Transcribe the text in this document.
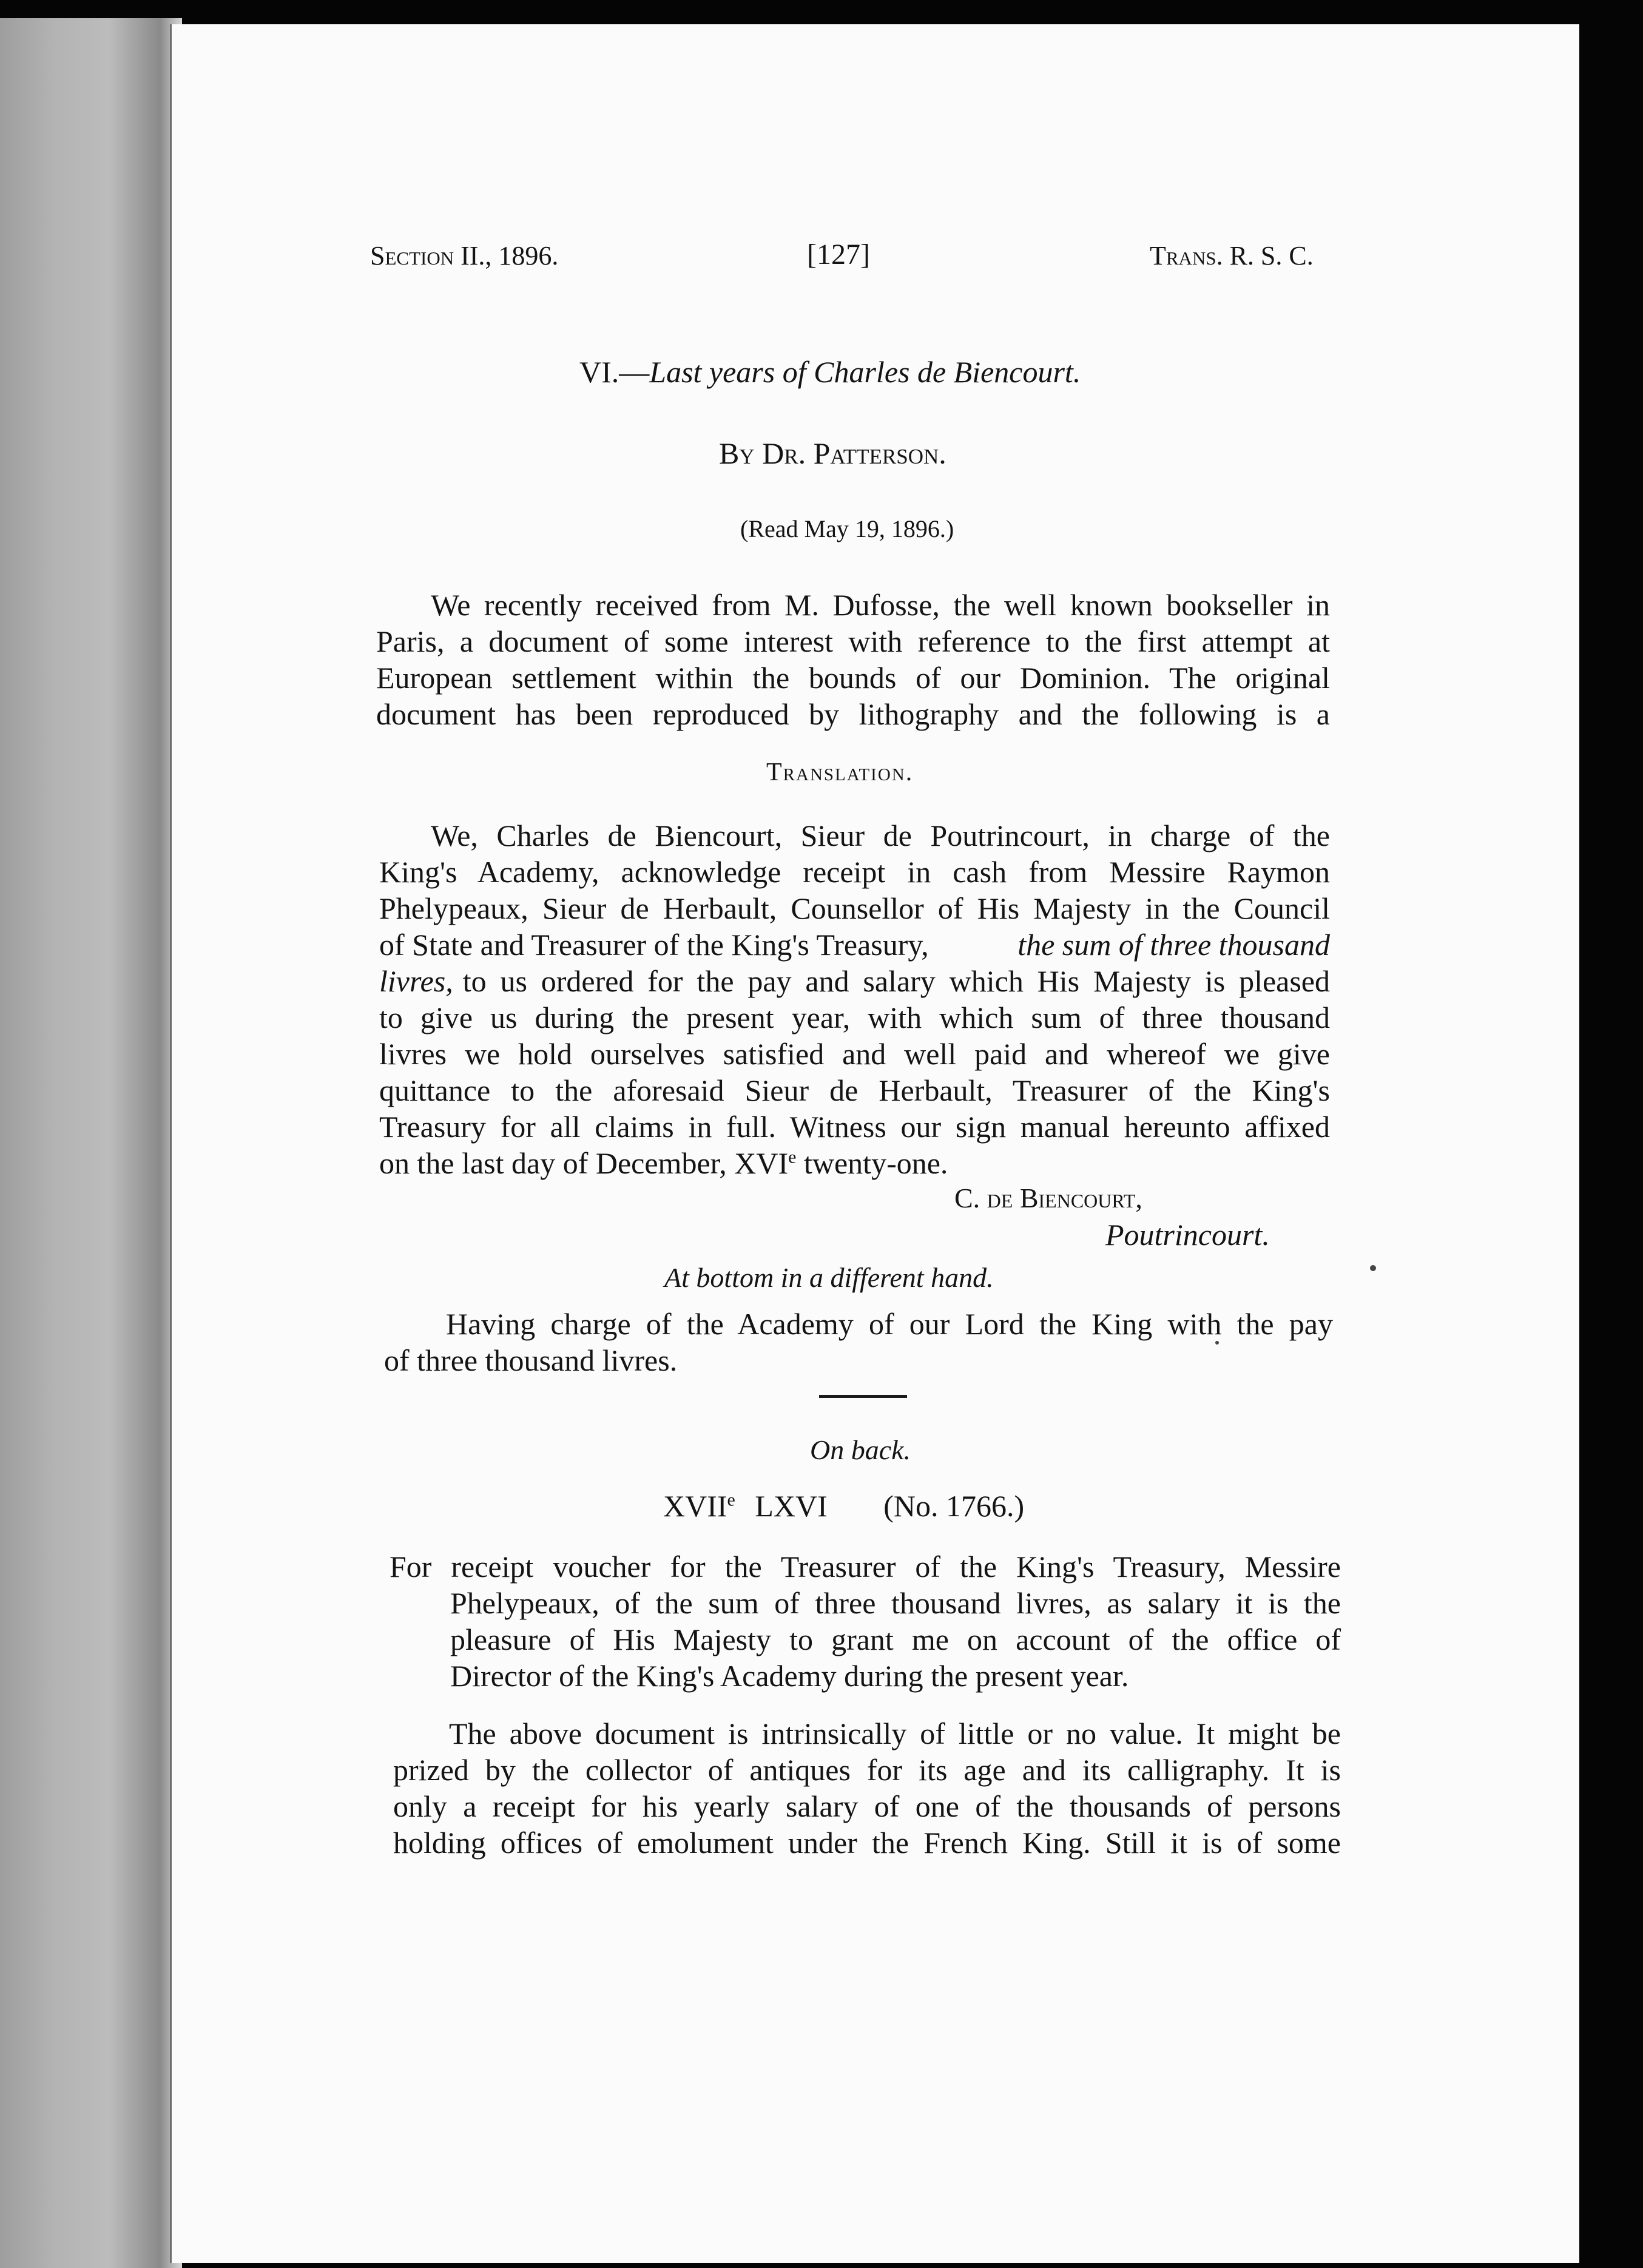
Section II., 1896.	[127]	Trans. R. S. C.
VI.—Last years of Charles de Biencourt.
By Dr. Patterson.
(Read May 19, 1896.)
We recently received from M. Dufosse, the well known bookseller in
Paris, a document of some interest with reference to the first attempt at
European settlement within the bounds of our Dominion. The original
document has been reproduced by lithography and the following is a
Translation.
We, Charles de Biencourt, Sieur de Poutrincourt, in charge of the
King's Academy, acknowledge receipt in cash from Messire Raymon
Phelypeaux, Sieur de Herbault, Counsellor of His Majesty in the Council
of State and Treasurer of the King's Treasury,	the sum of three thousand
livres, to us ordered for the pay and salary which His Majesty is pleased
to give us during the present year, with which sum of three thousand
livres we hold ourselves satisfied and well paid and whereof we give
quittance to the aforesaid Sieur de Herbault, Treasurer of the King's
Treasury for all claims in full. Witness our sign manual hereunto affixed
on the last day of December, XVIe twenty-one.
C. de Biencourt,
Poutrincourt.
At bottom in a different hand.
Having charge of the Academy of our Lord the King with the pay
of three thousand livres.
On back.
XVIIe LXVI (No. 1766.)
For receipt voucher for the Treasurer of the King's Treasury, Messire
Phelypeaux, of the sum of three thousand livres, as salary it is the
pleasure of His Majesty to grant me on account of the office of
Director of the King's Academy during the present year.
The above document is intrinsically of little or no value. It might be
prized by the collector of antiques for its age and its calligraphy. It is
only a receipt for his yearly salary of one of the thousands of persons
holding offices of emolument under the French King. Still it is of some
